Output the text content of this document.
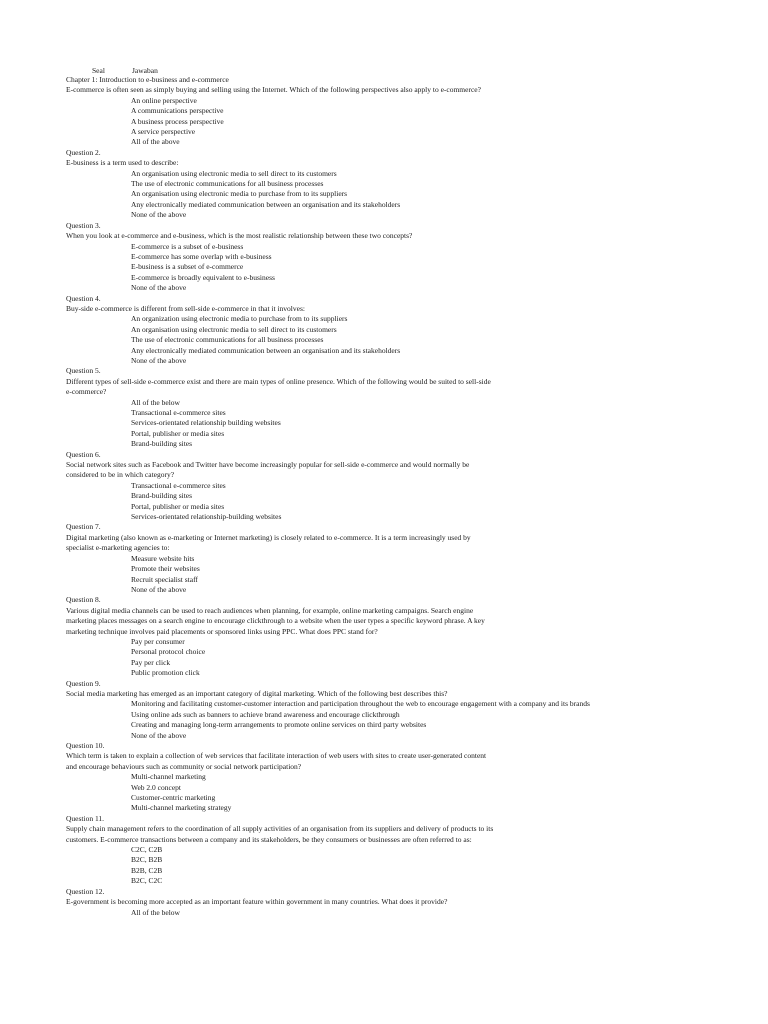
Seal	Jawaban
Chapter 1: Introduction to e-business and e-commerce
E-commerce is often seen as simply buying and selling using the Internet. Which of the following perspectives also apply to e-commerce?
An online perspective
A communications perspective
A business process perspective
A service perspective
All of the above
Question 2.
E-business is a term used to describe:
An organisation using electronic media to sell direct to its customers
The use of electronic communications for all business processes
An organisation using electronic media to purchase from to its suppliers
Any electronically mediated communication between an organisation and its stakeholders
None of the above
Question 3.
When you look at e-commerce and e-business, which is the most realistic relationship between these two concepts?
E-commerce is a subset of e-business
E-commerce has some overlap with e-business
E-business is a subset of e-commerce
E-commerce is broadly equivalent to e-business
None of the above
Question 4.
Buy-side e-commerce is different from sell-side e-commerce in that it involves:
An organization using electronic media to purchase from to its suppliers
An organisation using electronic media to sell direct to its customers
The use of electronic communications for all business processes
Any electronically mediated communication between an organisation and its stakeholders
None of the above
Question 5.
Different types of sell-side e-commerce exist and there are main types of online presence. Which of the following would be suited to sell-side e-commerce?
All of the below
Transactional e-commerce sites
Services-orientated relationship building websites
Portal, publisher or media sites
Brand-building sites
Question 6.
Social network sites such as Facebook and Twitter have become increasingly popular for sell-side e-commerce and would normally be considered to be in which category?
Transactional e-commerce sites
Brand-building sites
Portal, publisher or media sites
Services-orientated relationship-building websites
Question 7.
Digital marketing (also known as e-marketing or Internet marketing) is closely related to e-commerce. It is a term increasingly used by specialist e-marketing agencies to:
Measure website hits
Promote their websites
Recruit specialist staff
None of the above
Question 8.
Various digital media channels can be used to reach audiences when planning, for example, online marketing campaigns. Search engine marketing places messages on a search engine to encourage clickthrough to a website when the user types a specific keyword phrase. A key marketing technique involves paid placements or sponsored links using PPC. What does PPC stand for?
Pay per consumer
Personal protocol choice
Pay per click
Public promotion click
Question 9.
Social media marketing has emerged as an important category of digital marketing. Which of the following best describes this?
Monitoring and facilitating customer-customer interaction and participation throughout the web to encourage engagement with a company and its brands
Using online ads such as banners to achieve brand awareness and encourage clickthrough
Creating and managing long-term arrangements to promote online services on third party websites
None of the above
Question 10.
Which term is taken to explain a collection of web services that facilitate interaction of web users with sites to create user-generated content and encourage behaviours such as community or social network participation?
Multi-channel marketing
Web 2.0 concept
Customer-centric marketing
Multi-channel marketing strategy
Question 11.
Supply chain management refers to the coordination of all supply activities of an organisation from its suppliers and delivery of products to its customers. E-commerce transactions between a company and its stakeholders, be they consumers or businesses are often referred to as:
C2C, C2B
B2C, B2B
B2B, C2B
B2C, C2C
Question 12.
E-government is becoming more accepted as an important feature within government in many countries. What does it provide?
All of the below
